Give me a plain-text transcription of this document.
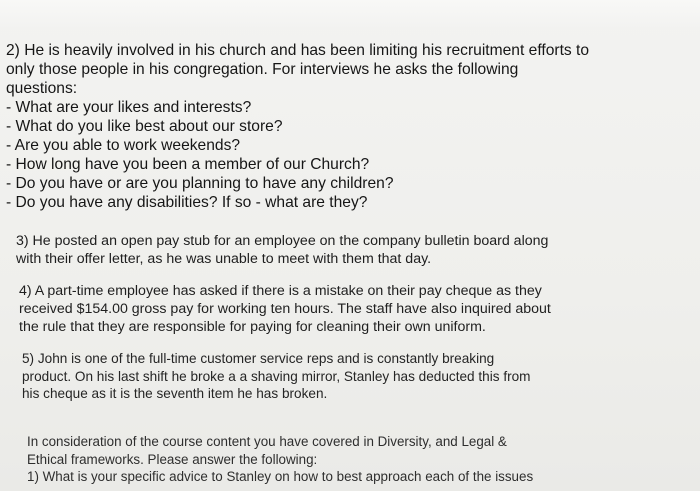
2) He is heavily involved in his church and has been limiting his recruitment efforts to
only those people in his congregation. For interviews he asks the following
questions:
- What are your likes and interests?
- What do you like best about our store?
- Are you able to work weekends?
- How long have you been a member of our Church?
- Do you have or are you planning to have any children?
- Do you have any disabilities? If so - what are they?
3) He posted an open pay stub for an employee on the company bulletin board along
with their offer letter, as he was unable to meet with them that day.
4) A part-time employee has asked if there is a mistake on their pay cheque as they
received $154.00 gross pay for working ten hours. The staff have also inquired about
the rule that they are responsible for paying for cleaning their own uniform.
5) John is one of the full-time customer service reps and is constantly breaking
product. On his last shift he broke a a shaving mirror, Stanley has deducted this from
his cheque as it is the seventh item he has broken.
In consideration of the course content you have covered in Diversity, and Legal &
Ethical frameworks. Please answer the following:
1) What is your specific advice to Stanley on how to best approach each of the issues
